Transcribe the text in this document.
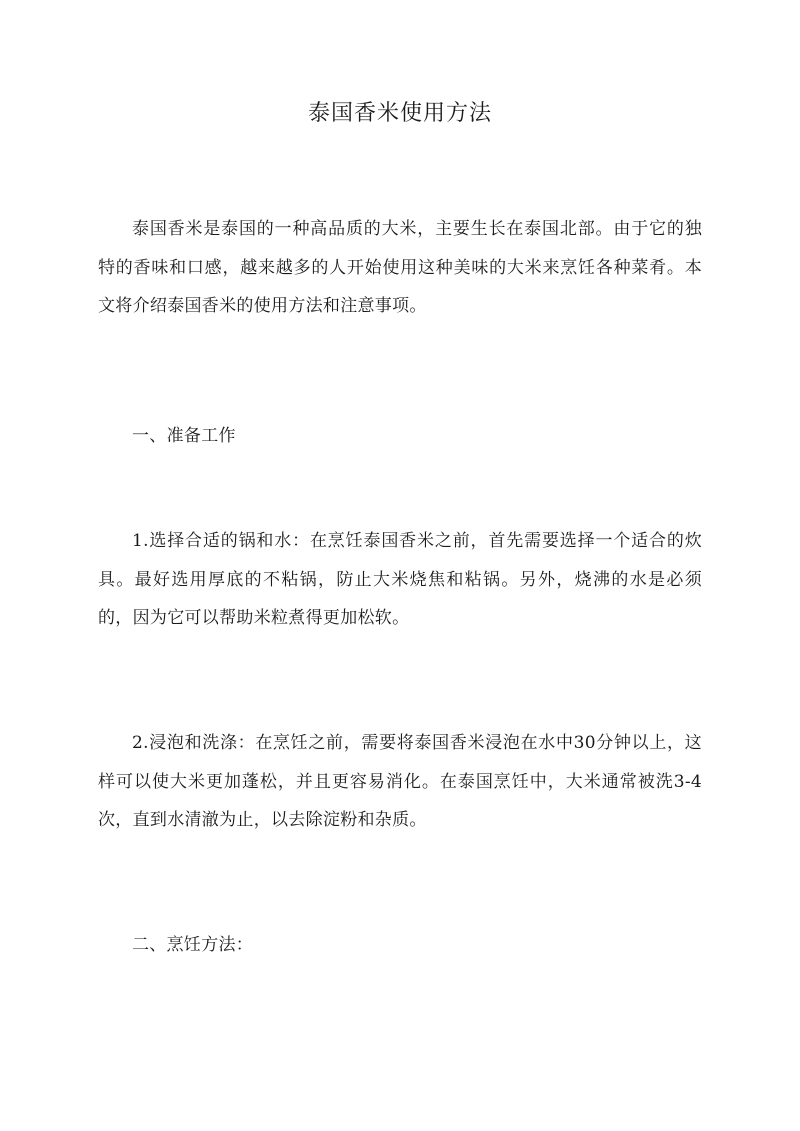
泰国香米使用方法

泰国香米是泰国的一种高品质的大米，主要生长在泰国北部。由于它的独特的香味和口感，越来越多的人开始使用这种美味的大米来烹饪各种菜肴。本文将介绍泰国香米的使用方法和注意事项。

一、准备工作

1.选择合适的锅和水：在烹饪泰国香米之前，首先需要选择一个适合的炊具。最好选用厚底的不粘锅，防止大米烧焦和粘锅。另外，烧沸的水是必须的，因为它可以帮助米粒煮得更加松软。

2.浸泡和洗涤：在烹饪之前，需要将泰国香米浸泡在水中30分钟以上，这样可以使大米更加蓬松，并且更容易消化。在泰国烹饪中，大米通常被洗3-4次，直到水清澈为止，以去除淀粉和杂质。

二、烹饪方法：
